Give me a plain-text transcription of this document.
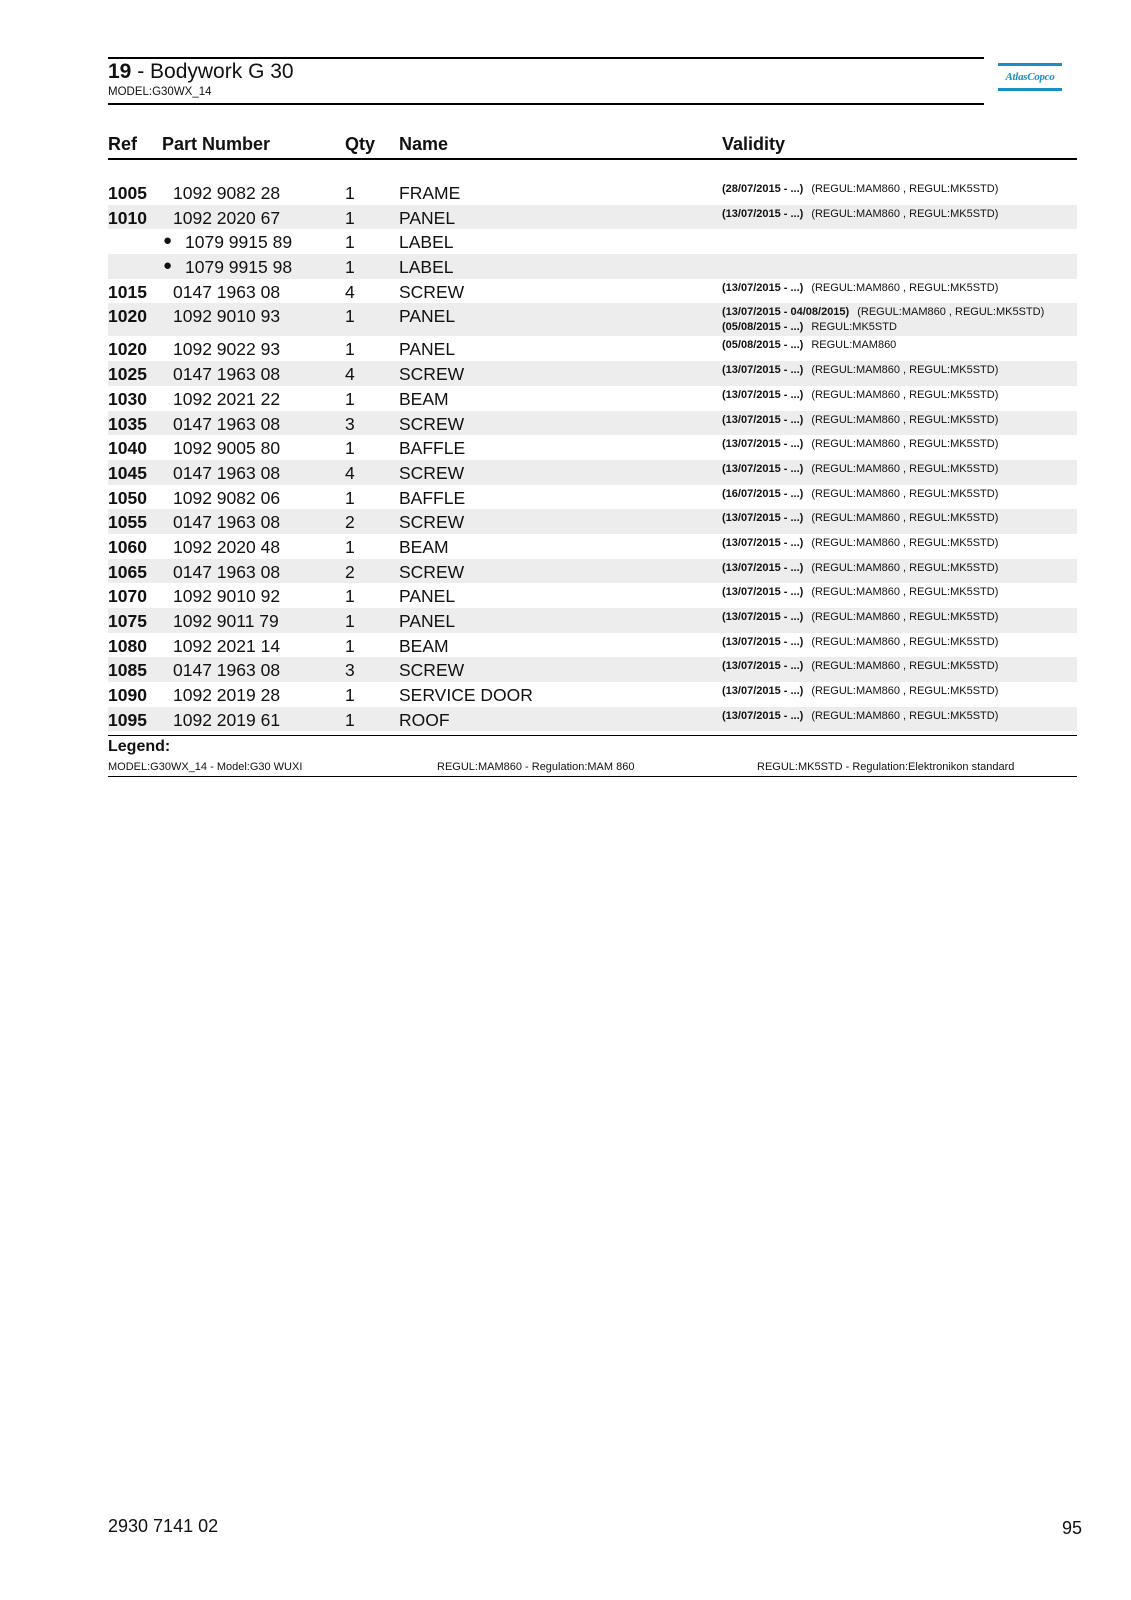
19 - Bodywork G 30
MODEL:G30WX_14
AtlasCopco
Ref Part Number	Qty Name	Validity
1005 1092 9082 28	1	FRAME	(28/07/2015 - ...) (REGUL:MAM860 , REGUL:MK5STD)
1010 1092 2020 67	1	PANEL	(13/07/2015 - ...) (REGUL:MAM860 , REGUL:MK5STD)
● 1079 9915 89	1	LABEL
● 1079 9915 98	1	LABEL
1015 0147 1963 08	4	SCREW	(13/07/2015 - ...) (REGUL:MAM860 , REGUL:MK5STD)
1020 1092 9010 93	1	PANEL	(13/07/2015 - 04/08/2015) (REGUL:MAM860 , REGUL:MK5STD)
(05/08/2015 - ...) REGUL:MK5STD
1020 1092 9022 93	1	PANEL	(05/08/2015 - ...) REGUL:MAM860
1025 0147 1963 08	4	SCREW	(13/07/2015 - ...) (REGUL:MAM860 , REGUL:MK5STD)
1030 1092 2021 22	1	BEAM	(13/07/2015 - ...) (REGUL:MAM860 , REGUL:MK5STD)
1035 0147 1963 08	3	SCREW	(13/07/2015 - ...) (REGUL:MAM860 , REGUL:MK5STD)
1040 1092 9005 80	1	BAFFLE	(13/07/2015 - ...) (REGUL:MAM860 , REGUL:MK5STD)
1045 0147 1963 08	4	SCREW	(13/07/2015 - ...) (REGUL:MAM860 , REGUL:MK5STD)
1050 1092 9082 06	1	BAFFLE	(16/07/2015 - ...) (REGUL:MAM860 , REGUL:MK5STD)
1055 0147 1963 08	2	SCREW	(13/07/2015 - ...) (REGUL:MAM860 , REGUL:MK5STD)
1060 1092 2020 48	1	BEAM	(13/07/2015 - ...) (REGUL:MAM860 , REGUL:MK5STD)
1065 0147 1963 08	2	SCREW	(13/07/2015 - ...) (REGUL:MAM860 , REGUL:MK5STD)
1070 1092 9010 92	1	PANEL	(13/07/2015 - ...) (REGUL:MAM860 , REGUL:MK5STD)
1075 1092 9011 79	1	PANEL	(13/07/2015 - ...) (REGUL:MAM860 , REGUL:MK5STD)
1080 1092 2021 14	1	BEAM	(13/07/2015 - ...) (REGUL:MAM860 , REGUL:MK5STD)
1085 0147 1963 08	3	SCREW	(13/07/2015 - ...) (REGUL:MAM860 , REGUL:MK5STD)
1090 1092 2019 28	1	SERVICE DOOR	(13/07/2015 - ...) (REGUL:MAM860 , REGUL:MK5STD)
1095 1092 2019 61	1	ROOF	(13/07/2015 - ...) (REGUL:MAM860 , REGUL:MK5STD)
Legend:
MODEL:G30WX_14 - Model:G30 WUXI	REGUL:MAM860 - Regulation:MAM 860	REGUL:MK5STD - Regulation:Elektronikon standard
2930 7141 02	95
